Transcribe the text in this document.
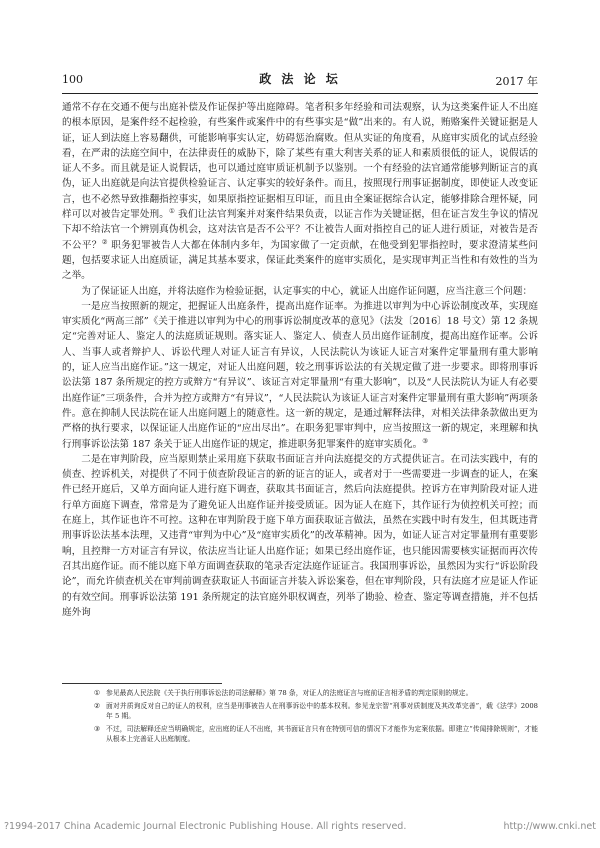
100	政 法 论 坛	2017 年

通常不存在交通不便与出庭补偿及作证保护等出庭障碍。笔者积多年经验和司法观察，认为这类案件证人不出庭的根本原因，是案件经不起检验，有些案件或案件中的有些事实是“做”出来的。有人说，贿赂案件关键证据是人证，证人到法庭上容易翻供，可能影响事实认定，妨碍惩治腐败。但从实证的角度看，从庭审实质化的试点经验看，在严肃的法庭空间中，在法律责任的威胁下，除了某些有重大利害关系的证人和素质很低的证人，说假话的证人不多。而且就是证人说假话，也可以通过庭审质证机制予以鉴别。一个有经验的法官通常能够判断证言的真伪，证人出庭就是向法官提供检验证言、认定事实的较好条件。而且，按照现行刑事证据制度，即使证人改变证言，也不必然导致推翻指控事实，如果原指控证据相互印证，而且由全案证据综合认定，能够排除合理怀疑，同样可以对被告定罪处刑。① 我们让法官判案并对案件结果负责，以证言作为关键证据，但在证言发生争议的情况下却不给法官一个辨别真伪机会，这对法官是否不公平？不让被告人面对指控自己的证人进行质证，对被告是否不公平？② 职务犯罪被告人大都在体制内多年，为国家做了一定贡献，在他受到犯罪指控时，要求澄清某些问题，包括要求证人出庭质证，满足其基本要求，保证此类案件的庭审实质化，是实现审判正当性和有效性的当为之举。

为了保证证人出庭，并将法庭作为检验证据，认定事实的中心，就证人出庭作证问题，应当注意三个问题：

一是应当按照新的规定，把握证人出庭条件，提高出庭作证率。为推进以审判为中心诉讼制度改革，实现庭审实质化“两高三部”《关于推进以审判为中心的刑事诉讼制度改革的意见》（法发〔2016〕18 号文）第 12 条规定“完善对证人、鉴定人的法庭质证规则。落实证人、鉴定人、侦查人员出庭作证制度，提高出庭作证率。公诉人、当事人或者辩护人、诉讼代理人对证人证言有异议，人民法院认为该证人证言对案件定罪量刑有重大影响的，证人应当出庭作证。”这一规定，对证人出庭问题，较之刑事诉讼法的有关规定做了进一步要求。即将刑事诉讼法第 187 条所规定的控方或辩方“有异议”、该证言对定罪量刑“有重大影响”，以及“人民法院认为证人有必要出庭作证”三项条件，合并为控方或辩方“有异议”，“人民法院认为该证人证言对案件定罪量刑有重大影响”两项条件。意在抑制人民法院在证人出庭问题上的随意性。这一新的规定，是通过解释法律，对相关法律条款做出更为严格的执行要求，以保证证人出庭作证的“应出尽出”。在职务犯罪审判中，应当按照这一新的规定，来理解和执行刑事诉讼法第 187 条关于证人出庭作证的规定，推进职务犯罪案件的庭审实质化。③

二是在审判阶段，应当原则禁止采用庭下获取书面证言并向法庭提交的方式提供证言。在司法实践中，有的侦查、控诉机关，对提供了不同于侦查阶段证言的新的证言的证人，或者对于一些需要进一步调查的证人，在案件已经开庭后，又单方面向证人进行庭下调查，获取其书面证言，然后向法庭提供。控诉方在审判阶段对证人进行单方面庭下调查，常常是为了避免证人出庭作证并接受质证。因为证人在庭下，其作证行为侦控机关可控；而在庭上，其作证也许不可控。这种在审判阶段于庭下单方面获取证言做法，虽然在实践中时有发生，但其既违背刑事诉讼法基本法理，又违背“审判为中心”及“庭审实质化”的改革精神。因为，如证人证言对定罪量刑有重要影响，且控辩一方对证言有异议，依法应当让证人出庭作证；如果已经出庭作证，也只能因需要核实证据而再次传召其出庭作证。而不能以庭下单方面调查获取的笔录否定法庭作证证言。我国刑事诉讼，虽然因为实行“诉讼阶段论”，而允许侦查机关在审判前调查获取证人书面证言并装入诉讼案卷，但在审判阶段，只有法庭才应是证人作证的有效空间。刑事诉讼法第 191 条所规定的法官庭外职权调查，列举了勘验、检查、鉴定等调查措施，并不包括庭外询

① 参见最高人民法院《关于执行刑事诉讼法的司法解释》第 78 条，对证人的法庭证言与庭前证言相矛盾的判定原则的规定。
② 面对并质询反对自己的证人的权利，应当是刑事被告人在刑事诉讼中的基本权利。参见龙宗智“刑事对质制度及其改革完善”，载《法学》2008 年 5 期。
③ 不过，司法解释还应当明确规定，应出庭的证人不出庭，其书面证言只有在特别可信的情况下才能作为定案依据。即建立“传闻排除规则”，才能从根本上完善证人出庭制度。
?1994-2017 China Academic Journal Electronic Publishing House. All rights reserved.	http://www.cnki.net
